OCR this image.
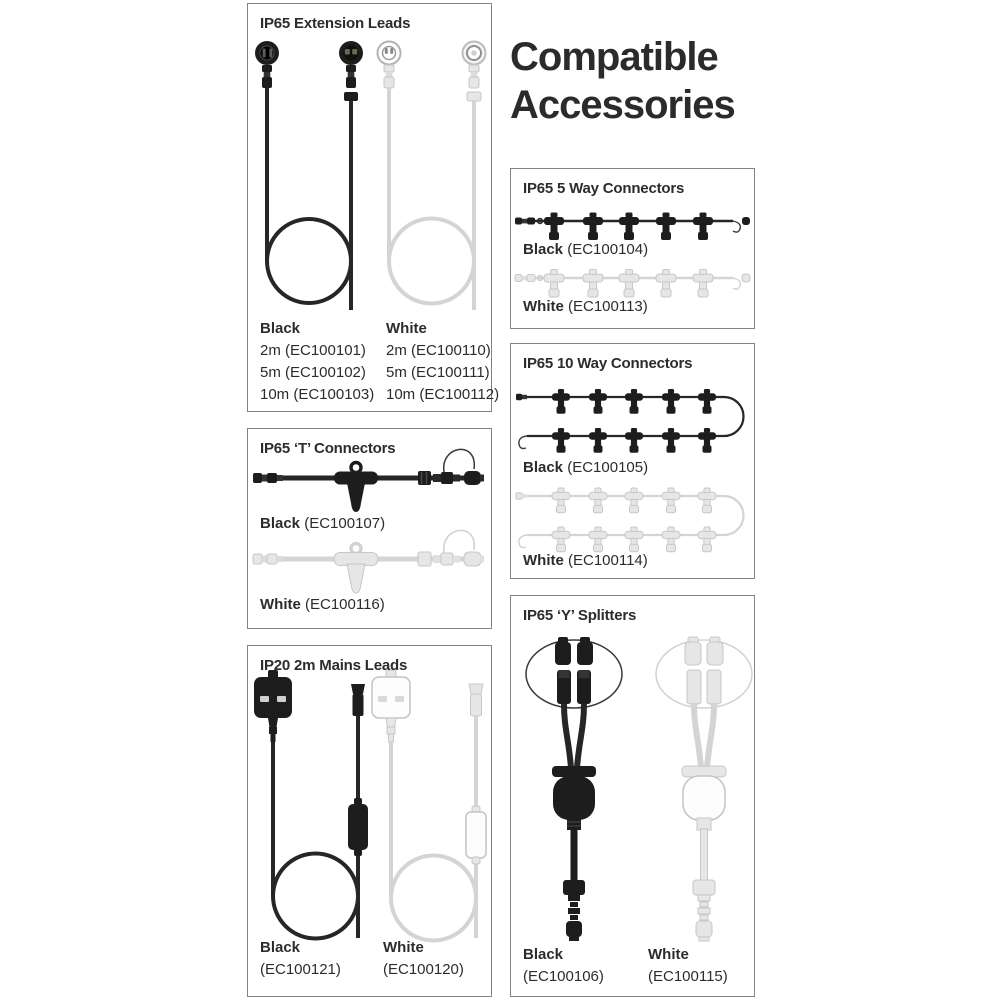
IP65 Extension Leads
Black
2m (EC100101)
5m (EC100102)
10m (EC100103)
White
2m (EC100110)
5m (EC100111)
10m (EC100112)
IP65 ‘T’ Connectors
Black (EC100107)
White (EC100116)
IP20 2m Mains Leads
Black
(EC100121)
White
(EC100120)
Compatible
Accessories
IP65 5 Way Connectors
Black (EC100104)
White (EC100113)
IP65 10 Way Connectors
Black (EC100105)
White (EC100114)
IP65 ‘Y’ Splitters
Black
(EC100106)
White
(EC100115)
